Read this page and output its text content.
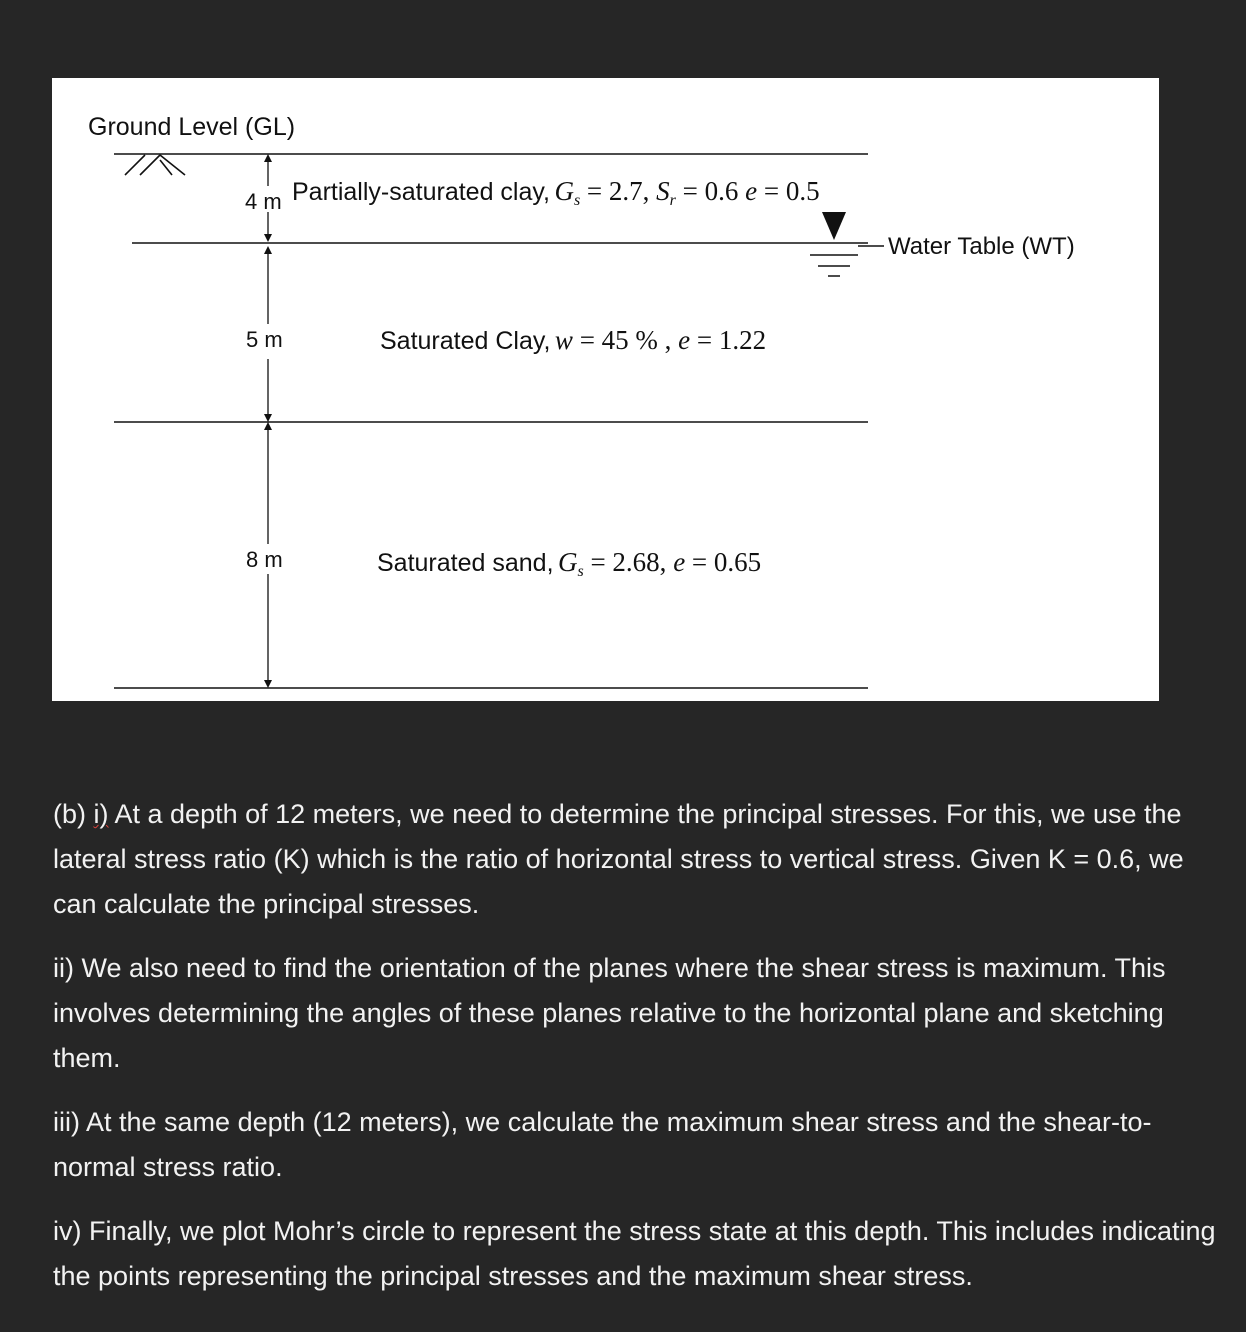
Ground Level (GL)
4 m Partially-saturated clay, $G_s = 2.7$, $S_r = 0.6$ e = 0.5
Water Table (WT)
5 m	Saturated Clay, w = 45 % , e = 1.22
8 m	Saturated sand, $G_s = 2.68$, e = 0.65

(b) i) At a depth of 12 meters, we need to determine the principal stresses. For this, we use the lateral stress ratio (K) which is the ratio of horizontal stress to vertical stress. Given K = 0.6, we can calculate the principal stresses.

ii) We also need to find the orientation of the planes where the shear stress is maximum. This involves determining the angles of these planes relative to the horizontal plane and sketching them.

iii) At the same depth (12 meters), we calculate the maximum shear stress and the shear-to-normal stress ratio.

iv) Finally, we plot Mohr’s circle to represent the stress state at this depth. This includes indicating the points representing the principal stresses and the maximum shear stress.
